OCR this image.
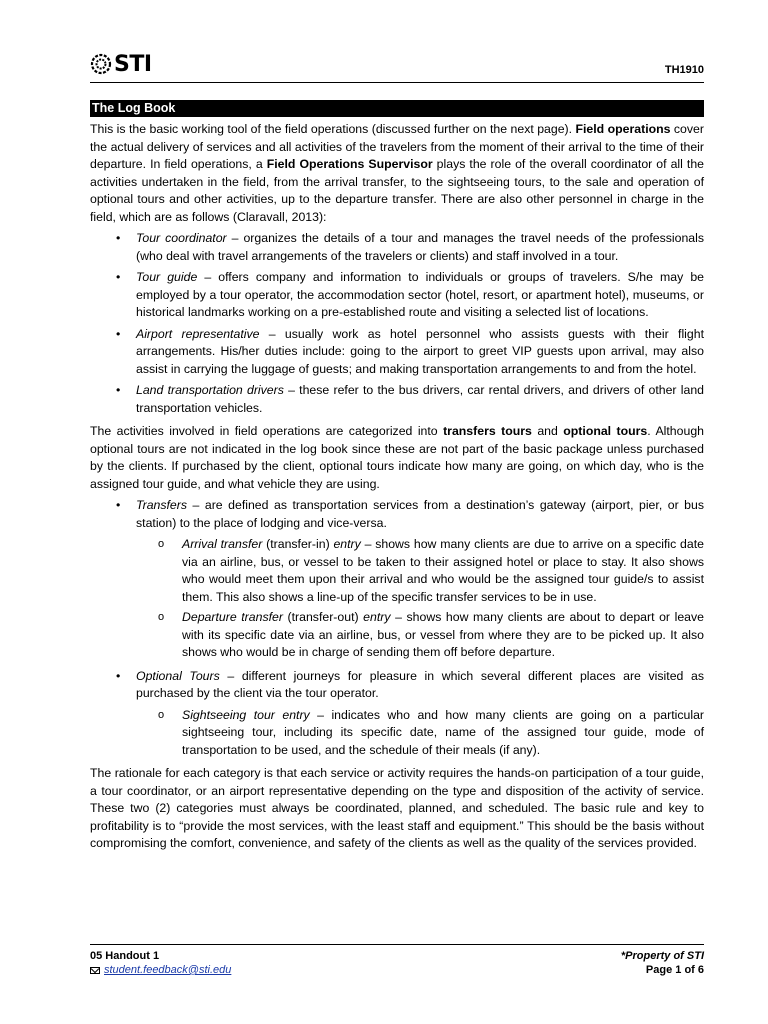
STI	TH1910
The Log Book

This is the basic working tool of the field operations (discussed further on the next page). Field operations cover the actual delivery of services and all activities of the travelers from the moment of their arrival to the time of their departure. In field operations, a Field Operations Supervisor plays the role of the overall coordinator of all the activities undertaken in the field, from the arrival transfer, to the sightseeing tours, to the sale and operation of optional tours and other activities, up to the departure transfer. There are also other personnel in charge in the field, which are as follows (Claravall, 2013):

• Tour coordinator – organizes the details of a tour and manages the travel needs of the professionals (who deal with travel arrangements of the travelers or clients) and staff involved in a tour.
• Tour guide – offers company and information to individuals or groups of travelers. S/he may be employed by a tour operator, the accommodation sector (hotel, resort, or apartment hotel), museums, or historical landmarks working on a pre-established route and visiting a selected list of locations.
• Airport representative – usually work as hotel personnel who assists guests with their flight arrangements. His/her duties include: going to the airport to greet VIP guests upon arrival, may also assist in carrying the luggage of guests; and making transportation arrangements to and from the hotel.
• Land transportation drivers – these refer to the bus drivers, car rental drivers, and drivers of other land transportation vehicles.

The activities involved in field operations are categorized into transfers tours and optional tours. Although optional tours are not indicated in the log book since these are not part of the basic package unless purchased by the clients. If purchased by the client, optional tours indicate how many are going, on which day, who is the assigned tour guide, and what vehicle they are using.

• Transfers – are defined as transportation services from a destination’s gateway (airport, pier, or bus station) to the place of lodging and vice-versa.
o Arrival transfer (transfer-in) entry – shows how many clients are due to arrive on a specific date via an airline, bus, or vessel to be taken to their assigned hotel or place to stay. It also shows who would meet them upon their arrival and who would be the assigned tour guide/s to assist them. This also shows a line-up of the specific transfer services to be in use.
o Departure transfer (transfer-out) entry – shows how many clients are about to depart or leave with its specific date via an airline, bus, or vessel from where they are to be picked up. It also shows who would be in charge of sending them off before departure.
• Optional Tours – different journeys for pleasure in which several different places are visited as purchased by the client via the tour operator.
o Sightseeing tour entry – indicates who and how many clients are going on a particular sightseeing tour, including its specific date, name of the assigned tour guide, mode of transportation to be used, and the schedule of their meals (if any).

The rationale for each category is that each service or activity requires the hands-on participation of a tour guide, a tour coordinator, or an airport representative depending on the type and disposition of the activity of service. These two (2) categories must always be coordinated, planned, and scheduled. The basic rule and key to profitability is to “provide the most services, with the least staff and equipment.” This should be the basis without compromising the comfort, convenience, and safety of the clients as well as the quality of the services provided.

05 Handout 1
student.feedback@sti.edu
*Property of STI
Page 1 of 6
